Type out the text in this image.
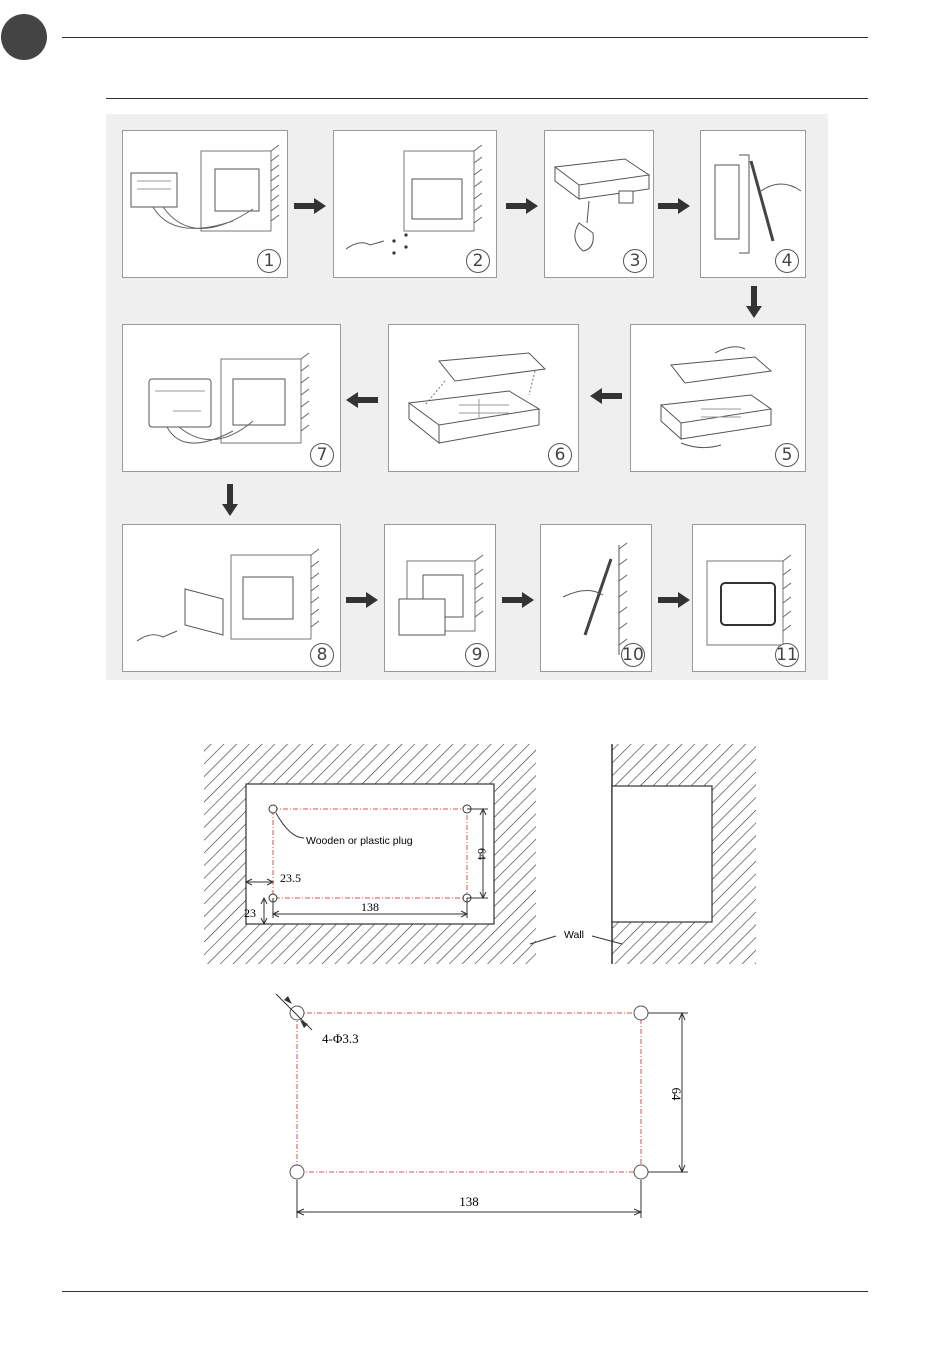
1	2	3	4
5
6
7
8	9	10	11
Wooden or plastic plug
64
138
23.5
23
Wall
4-Φ3.3
64
138
